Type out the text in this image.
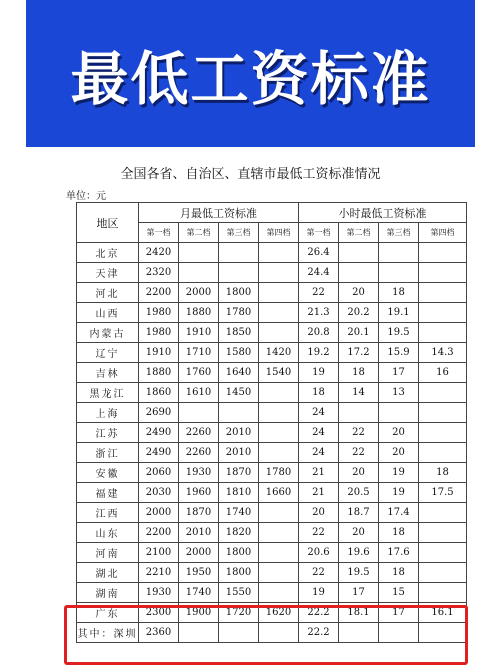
最低工资标准
全国各省、自治区、直辖市最低工资标准情况
单位：元
地区	月最低工资标准				小时最低工资标准			
	第一档	第二档	第三档	第四档	第一档	第二档	第三档	第四档
北京	2420				26.4			
天津	2320				24.4			
河北	2200	2000	1800		22	20	18	
山西	1980	1880	1780		21.3	20.2	19.1	
内蒙古	1980	1910	1850		20.8	20.1	19.5	
辽宁	1910	1710	1580	1420	19.2	17.2	15.9	14.3
吉林	1880	1760	1640	1540	19	18	17	16
黑龙江	1860	1610	1450		18	14	13	
上海	2690				24			
江苏	2490	2260	2010		24	22	20	
浙江	2490	2260	2010		24	22	20	
安徽	2060	1930	1870	1780	21	20	19	18
福建	2030	1960	1810	1660	21	20.5	19	17.5
江西	2000	1870	1740		20	18.7	17.4	
山东	2200	2010	1820		22	20	18	
河南	2100	2000	1800		20.6	19.6	17.6	
湖北	2210	1950	1800		22	19.5	18	
湖南	1930	1740	1550		19	17	15	
广东	2300	1900	1720	1620	22.2	18.1	17	16.1
其中：深圳	2360				22.2			
